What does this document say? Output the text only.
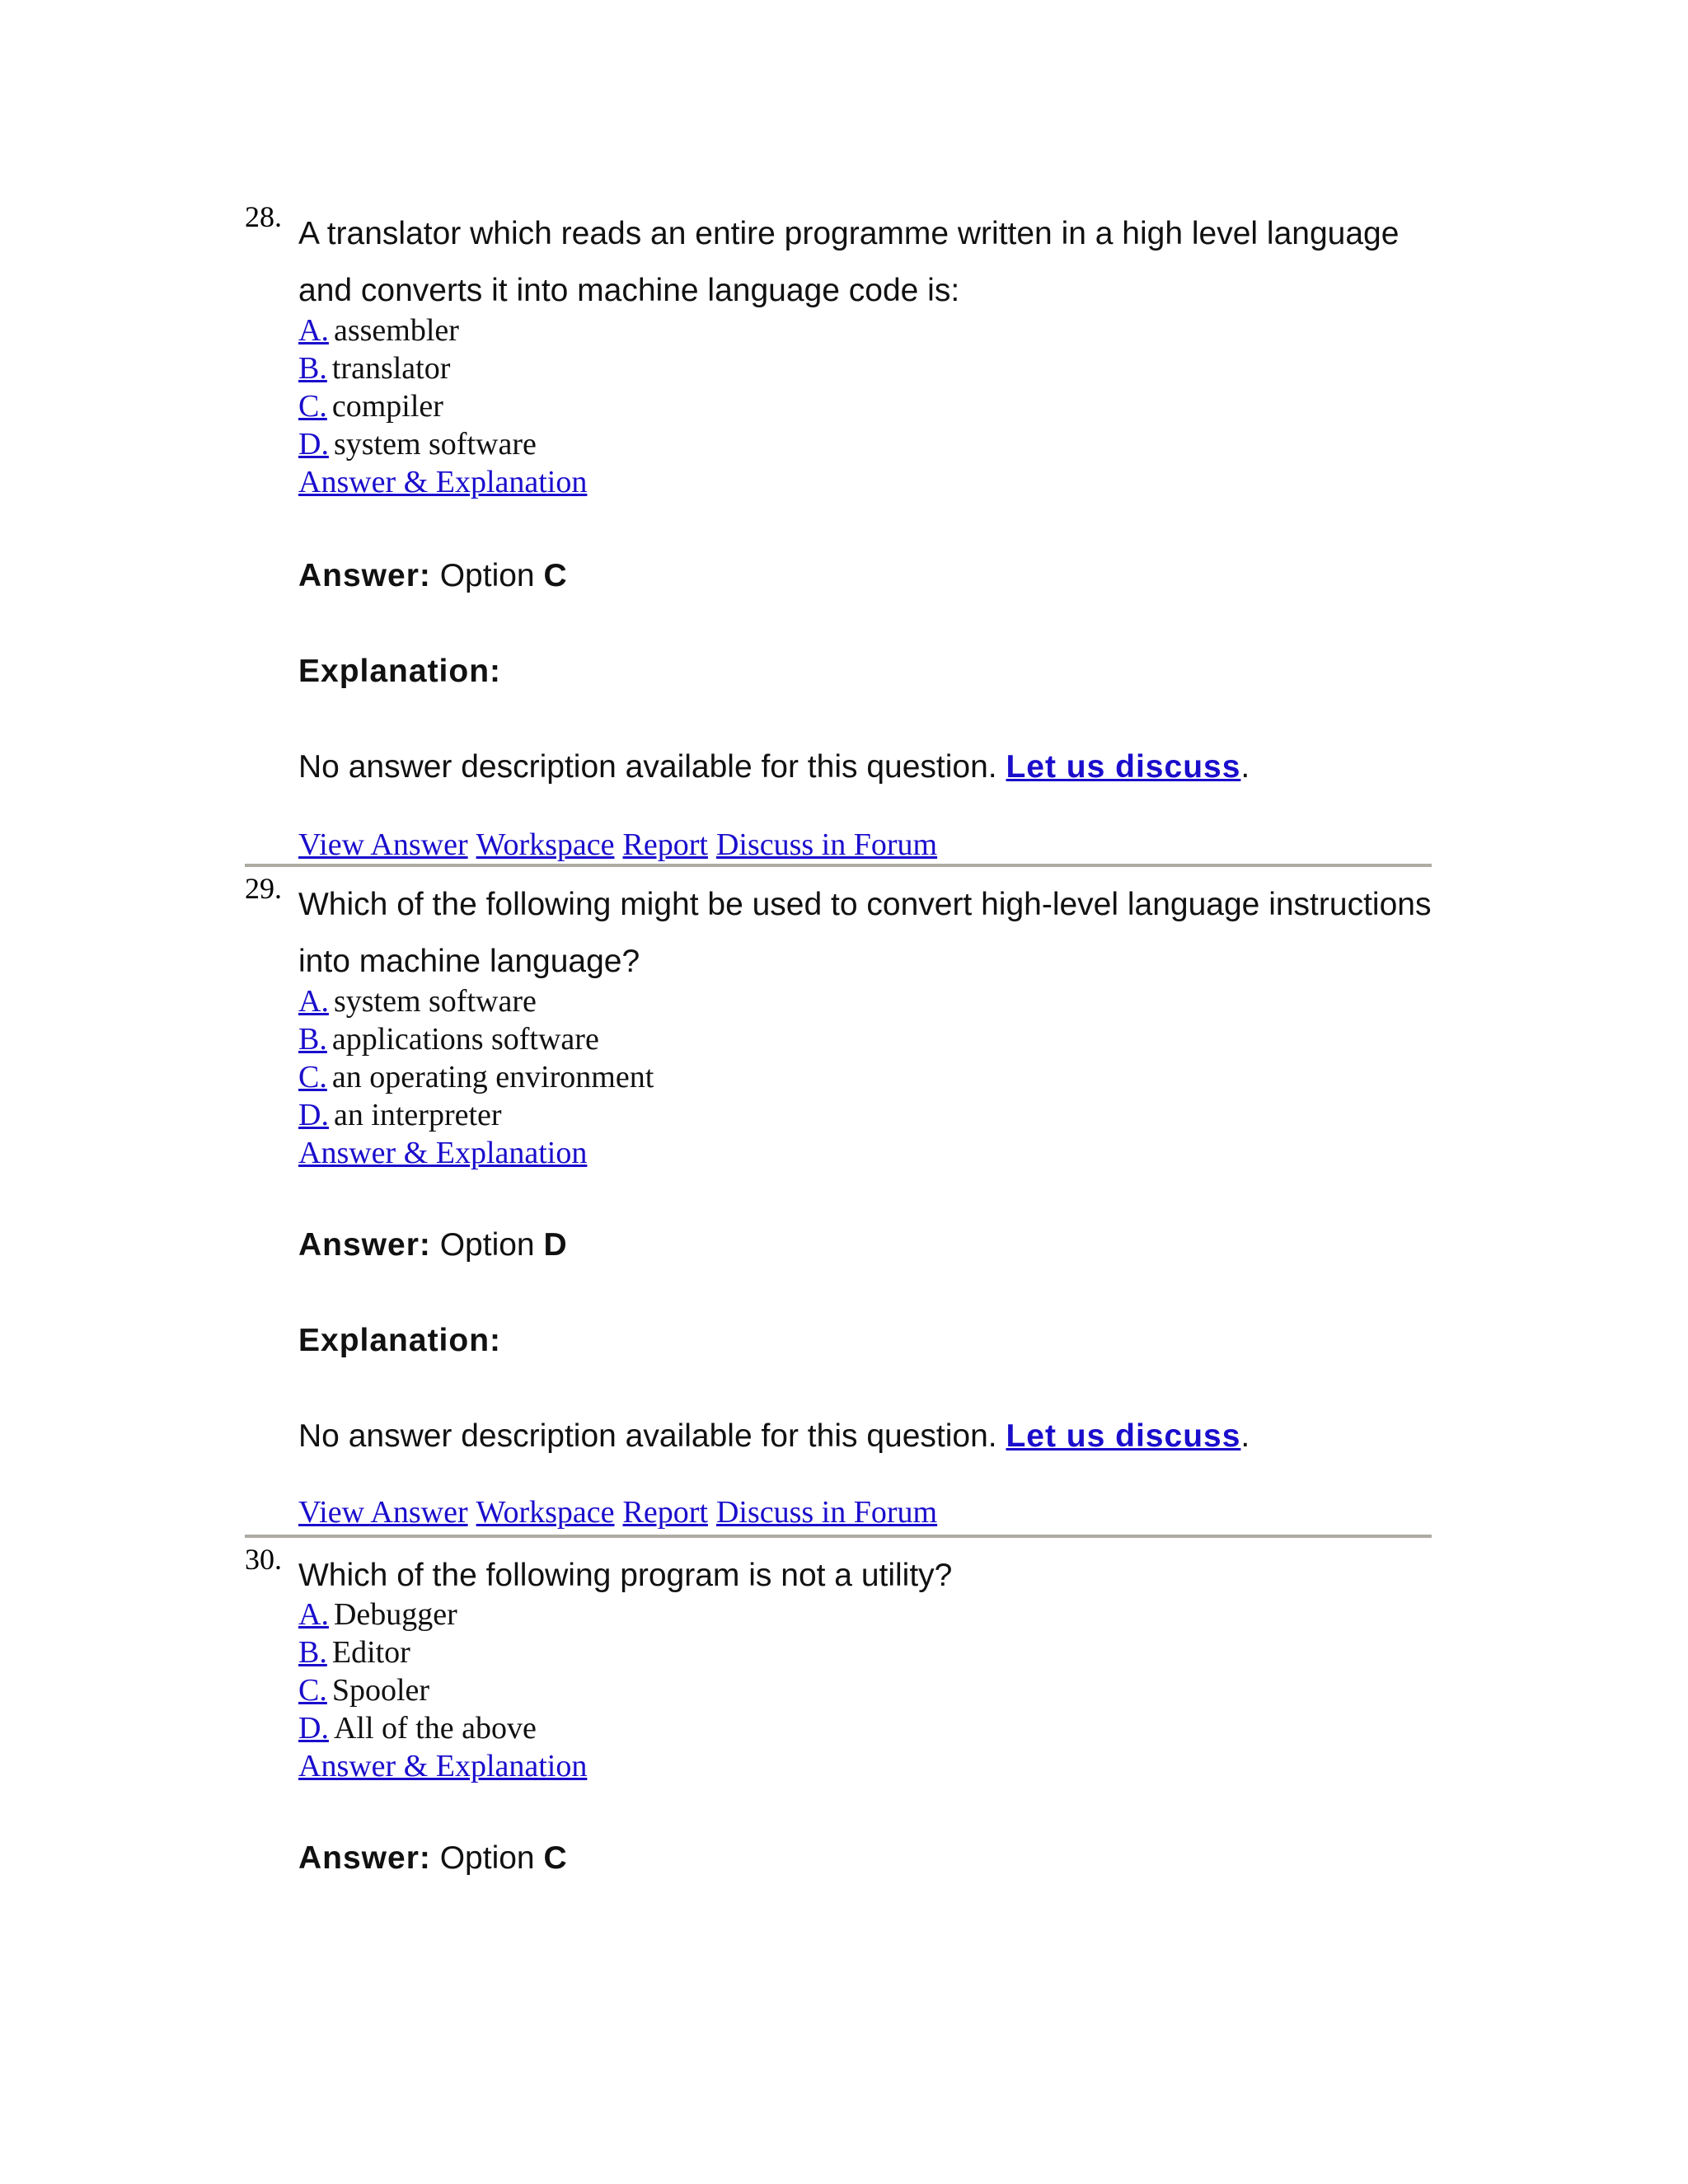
28. A translator which reads an entire programme written in a high level language and converts it into machine language code is:
A. assembler
B. translator
C. compiler
D. system software
Answer & Explanation
Answer: Option C
Explanation:
No answer description available for this question. Let us discuss.
View Answer Workspace Report Discuss in Forum
29. Which of the following might be used to convert high-level language instructions into machine language?
A. system software
B. applications software
C. an operating environment
D. an interpreter
Answer & Explanation
Answer: Option D
Explanation:
No answer description available for this question. Let us discuss.
View Answer Workspace Report Discuss in Forum
30. Which of the following program is not a utility?
A. Debugger
B. Editor
C. Spooler
D. All of the above
Answer & Explanation
Answer: Option C
